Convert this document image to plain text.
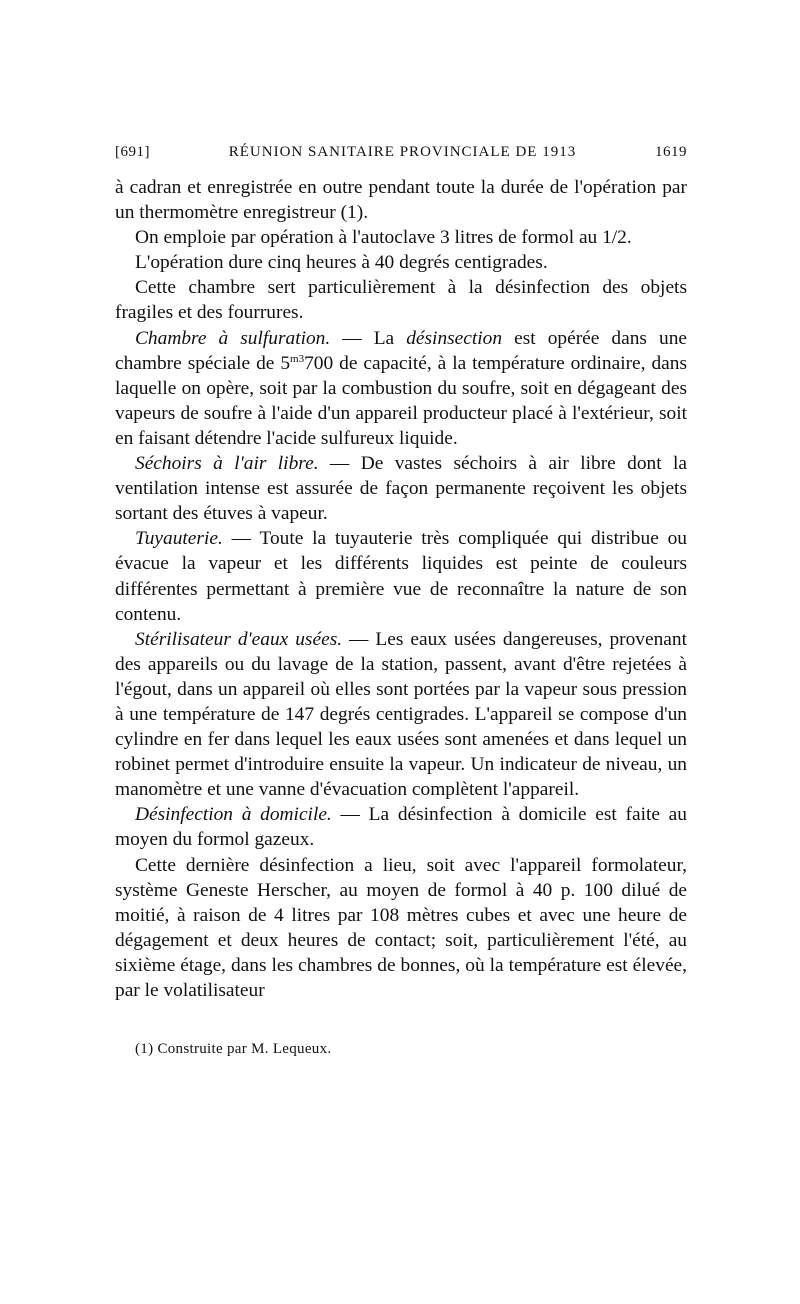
[691]	RÉUNION SANITAIRE PROVINCIALE DE 1913	1619

à cadran et enregistrée en outre pendant toute la durée de l'opération par un thermomètre enregistreur (1).

On emploie par opération à l'autoclave 3 litres de formol au 1/2.

L'opération dure cinq heures à 40 degrés centigrades.

Cette chambre sert particulièrement à la désinfection des objets fragiles et des fourrures.

Chambre à sulfuration. — La désinsection est opérée dans une chambre spéciale de $5^{m3}700$ de capacité, à la température ordinaire, dans laquelle on opère, soit par la combustion du soufre, soit en dégageant des vapeurs de soufre à l'aide d'un appareil producteur placé à l'extérieur, soit en faisant détendre l'acide sulfureux liquide.

Séchoirs à l'air libre. — De vastes séchoirs à air libre dont la ventilation intense est assurée de façon permanente reçoivent les objets sortant des étuves à vapeur.

Tuyauterie. — Toute la tuyauterie très compliquée qui distribue ou évacue la vapeur et les différents liquides est peinte de couleurs différentes permettant à première vue de reconnaître la nature de son contenu.

Stérilisateur d'eaux usées. — Les eaux usées dangereuses, provenant des appareils ou du lavage de la station, passent, avant d'être rejetées à l'égout, dans un appareil où elles sont portées par la vapeur sous pression à une température de 147 degrés centigrades. L'appareil se compose d'un cylindre en fer dans lequel les eaux usées sont amenées et dans lequel un robinet permet d'introduire ensuite la vapeur. Un indicateur de niveau, un manomètre et une vanne d'évacuation complètent l'appareil.

Désinfection à domicile. — La désinfection à domicile est faite au moyen du formol gazeux.

Cette dernière désinfection a lieu, soit avec l'appareil formolateur, système Geneste Herscher, au moyen de formol à 40 p. 100 dilué de moitié, à raison de 4 litres par 108 mètres cubes et avec une heure de dégagement et deux heures de contact; soit, particulièrement l'été, au sixième étage, dans les chambres de bonnes, où la température est élevée, par le volatilisateur

(1) Construite par M. Lequeux.
